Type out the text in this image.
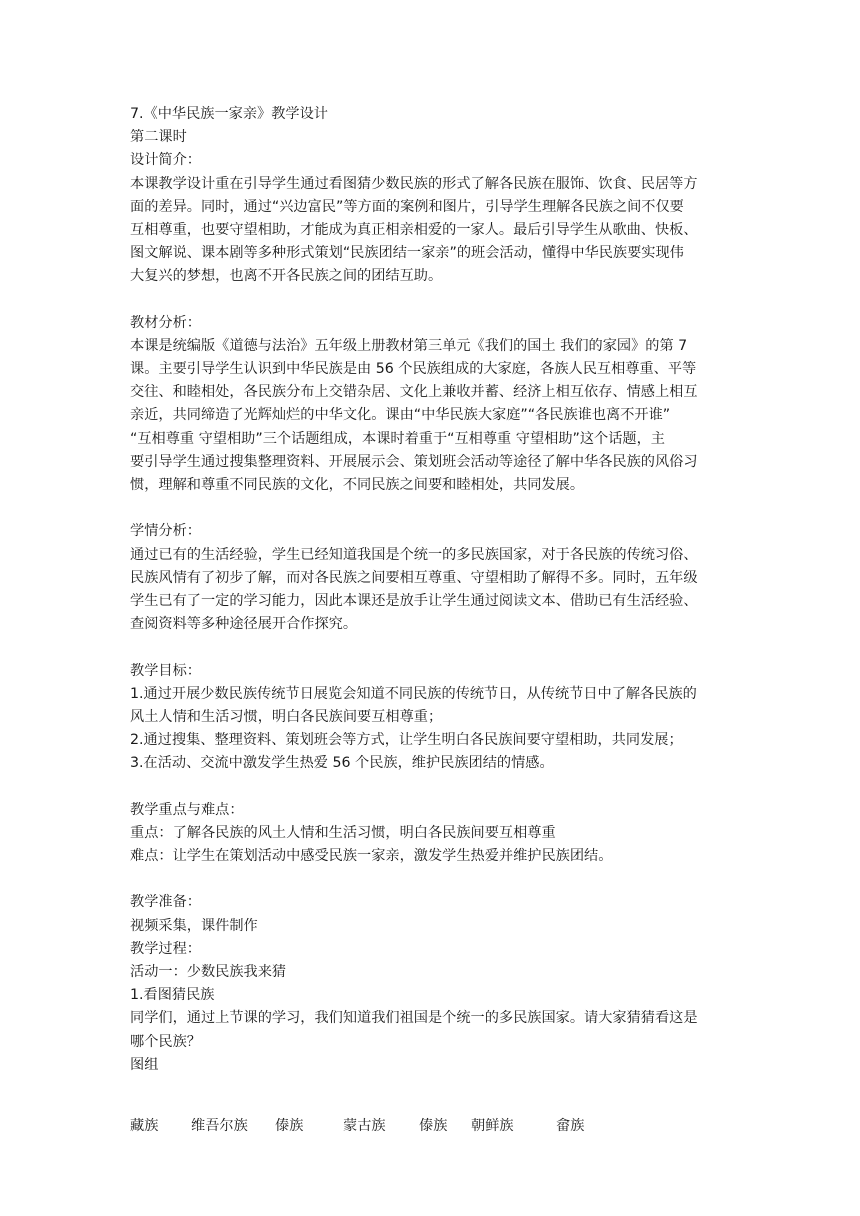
7.《中华民族一家亲》教学设计
第二课时
设计简介：
本课教学设计重在引导学生通过看图猜少数民族的形式了解各民族在服饰、饮食、民居等方
面的差异。同时，通过“兴边富民”等方面的案例和图片，引导学生理解各民族之间不仅要
互相尊重，也要守望相助，才能成为真正相亲相爱的一家人。最后引导学生从歌曲、快板、
图文解说、课本剧等多种形式策划“民族团结一家亲”的班会活动，懂得中华民族要实现伟
大复兴的梦想，也离不开各民族之间的团结互助。
教材分析：
本课是统编版《道德与法治》五年级上册教材第三单元《我们的国土 我们的家园》的第 7
课。主要引导学生认识到中华民族是由 56 个民族组成的大家庭，各族人民互相尊重、平等
交往、和睦相处，各民族分布上交错杂居、文化上兼收并蓄、经济上相互依存、情感上相互
亲近，共同缔造了光辉灿烂的中华文化。课由“中华民族大家庭”“各民族谁也离不开谁”
“互相尊重 守望相助”三个话题组成，本课时着重于“互相尊重 守望相助”这个话题，主
要引导学生通过搜集整理资料、开展展示会、策划班会活动等途径了解中华各民族的风俗习
惯，理解和尊重不同民族的文化，不同民族之间要和睦相处，共同发展。
学情分析：
通过已有的生活经验，学生已经知道我国是个统一的多民族国家，对于各民族的传统习俗、
民族风情有了初步了解，而对各民族之间要相互尊重、守望相助了解得不多。同时，五年级
学生已有了一定的学习能力，因此本课还是放手让学生通过阅读文本、借助已有生活经验、
查阅资料等多种途径展开合作探究。
教学目标：
1.通过开展少数民族传统节日展览会知道不同民族的传统节日，从传统节日中了解各民族的
风土人情和生活习惯，明白各民族间要互相尊重；
2.通过搜集、整理资料、策划班会等方式，让学生明白各民族间要守望相助，共同发展；
3.在活动、交流中激发学生热爱 56 个民族，维护民族团结的情感。
教学重点与难点：
重点：了解各民族的风土人情和生活习惯，明白各民族间要互相尊重
难点：让学生在策划活动中感受民族一家亲，激发学生热爱并维护民族团结。
教学准备：
视频采集，课件制作
教学过程：
活动一：少数民族我来猜
1.看图猜民族
同学们，通过上节课的学习，我们知道我们祖国是个统一的多民族国家。请大家猜猜看这是
哪个民族？
图组
藏族 维吾尔族 傣族	蒙古族 傣族 朝鲜族	畲族
